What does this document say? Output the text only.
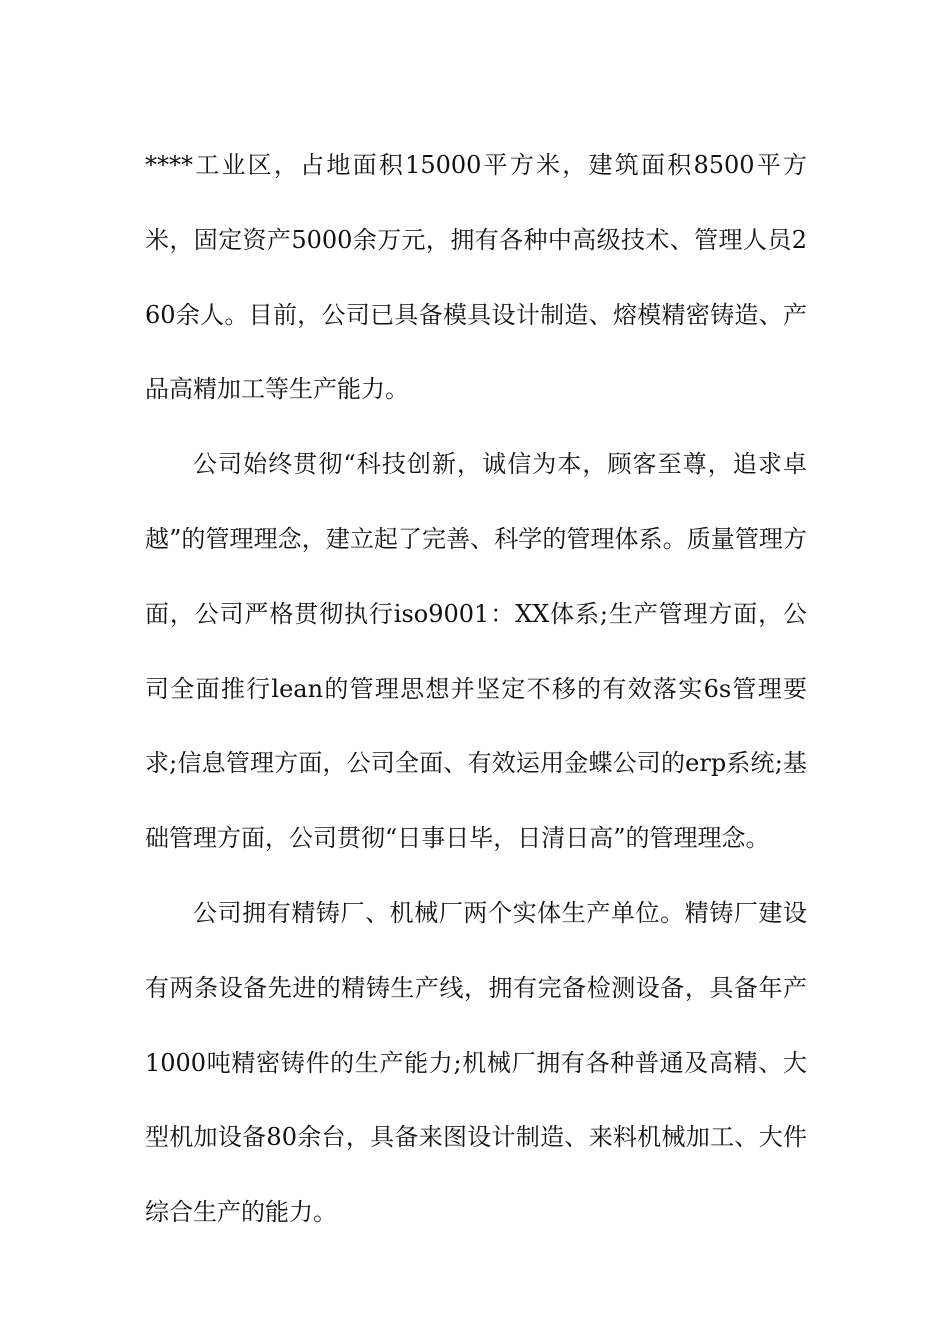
****工业区，占地面积15000平方米，建筑面积8500平方米，固定资产5000余万元，拥有各种中高级技术、管理人员260余人。目前，公司已具备模具设计制造、熔模精密铸造、产品高精加工等生产能力。

公司始终贯彻“科技创新，诚信为本，顾客至尊，追求卓越”的管理理念，建立起了完善、科学的管理体系。质量管理方面，公司严格贯彻执行iso9001：XX体系;生产管理方面，公司全面推行lean的管理思想并坚定不移的有效落实6s管理要求;信息管理方面，公司全面、有效运用金蝶公司的erp系统;基础管理方面，公司贯彻“日事日毕，日清日高”的管理理念。

公司拥有精铸厂、机械厂两个实体生产单位。精铸厂建设有两条设备先进的精铸生产线，拥有完备检测设备，具备年产1000吨精密铸件的生产能力;机械厂拥有各种普通及高精、大型机加设备80余台，具备来图设计制造、来料机械加工、大件综合生产的能力。
